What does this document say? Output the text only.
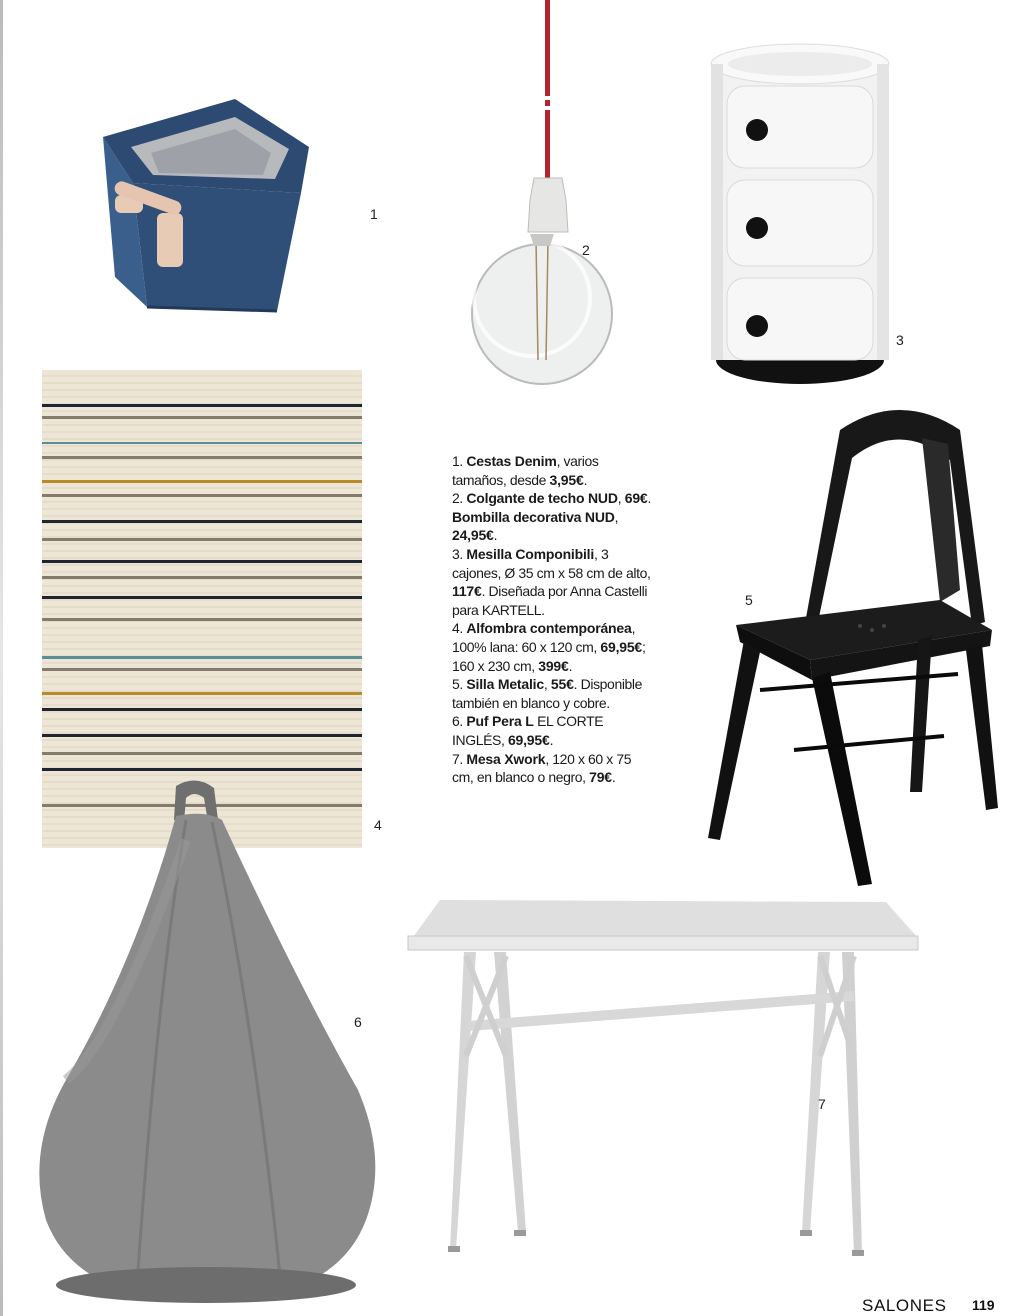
1
2
3
4
5
6
7
1. Cestas Denim, varios tamaños, desde 3,95€.
2. Colgante de techo NUD, 69€. Bombilla decorativa NUD, 24,95€.
3. Mesilla Componibili, 3 cajones, Ø 35 cm x 58 cm de alto, 117€. Diseñada por Anna Castelli para KARTELL.
4. Alfombra contemporánea, 100% lana: 60 x 120 cm, 69,95€; 160 x 230 cm, 399€.
5. Silla Metalic, 55€. Disponible también en blanco y cobre.
6. Puf Pera L EL CORTE INGLÉS, 69,95€.
7. Mesa Xwork, 120 x 60 x 75 cm, en blanco o negro, 79€.
SALONES 119
